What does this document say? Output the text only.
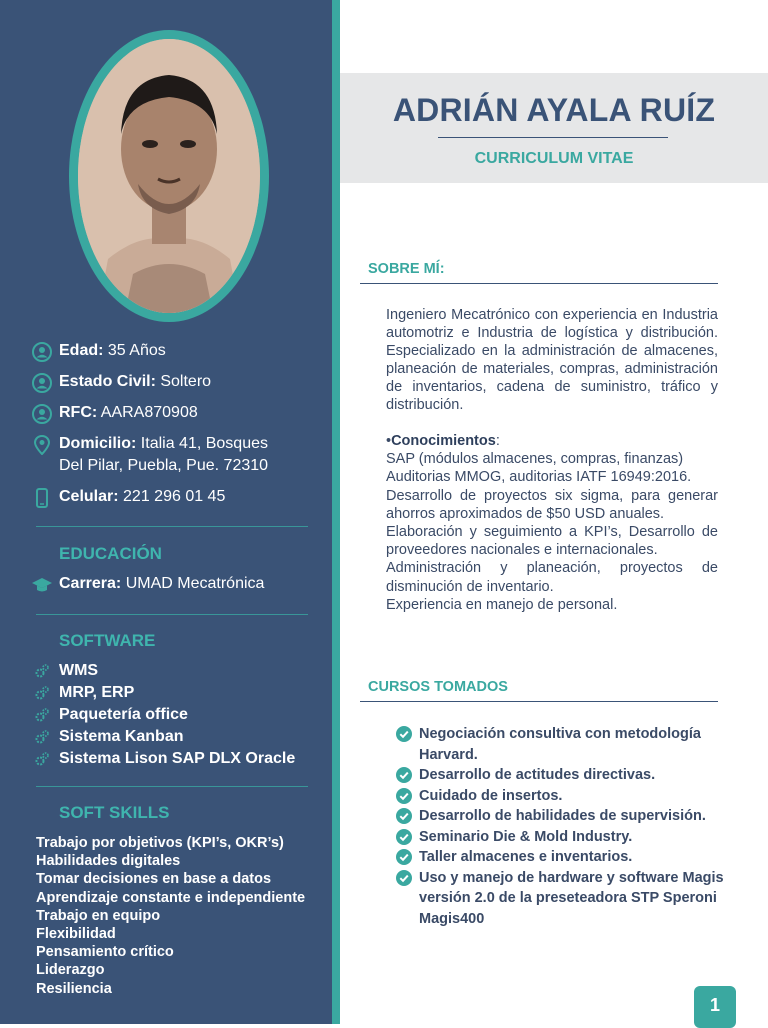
Edad: 35 Años
Estado Civil: Soltero
RFC: AARA870908
Domicilio: Italia 41, Bosques
Del Pilar, Puebla, Pue. 72310
Celular: 221 296 01 45
EDUCACIÓN
Carrera: UMAD Mecatrónica
SOFTWARE
WMS
MRP, ERP
Paquetería office
Sistema Kanban
Sistema Lison SAP DLX Oracle
SOFT SKILLS
Trabajo por objetivos (KPI’s, OKR’s)
Habilidades digitales
Tomar decisiones en base a datos
Aprendizaje constante e independiente
Trabajo en equipo
Flexibilidad
Pensamiento crítico
Liderazgo
Resiliencia
ADRIÁN AYALA RUÍZ
CURRICULUM VITAE
SOBRE MÍ:
Ingeniero Mecatrónico con experiencia en Industria automotriz e Industria de logística y distribución. Especializado en la administración de almacenes, planeación de materiales, compras, administración de inventarios, cadena de suministro, tráfico y distribución.
•Conocimientos:
SAP (módulos almacenes, compras, finanzas)
Auditorias MMOG, auditorias IATF 16949:2016.
Desarrollo de proyectos six sigma, para generar ahorros aproximados de $50 USD anuales.
Elaboración y seguimiento a KPI’s, Desarrollo de proveedores nacionales e internacionales.
Administración y planeación, proyectos de disminución de inventario.
Experiencia en manejo de personal.
CURSOS TOMADOS
Negociación consultiva con metodología Harvard.
Desarrollo de actitudes directivas.
Cuidado de insertos.
Desarrollo de habilidades de supervisión.
Seminario Die & Mold Industry.
Taller almacenes e inventarios.
Uso y manejo de hardware y software Magis versión 2.0 de la preseteadora STP Speroni Magis400
1
